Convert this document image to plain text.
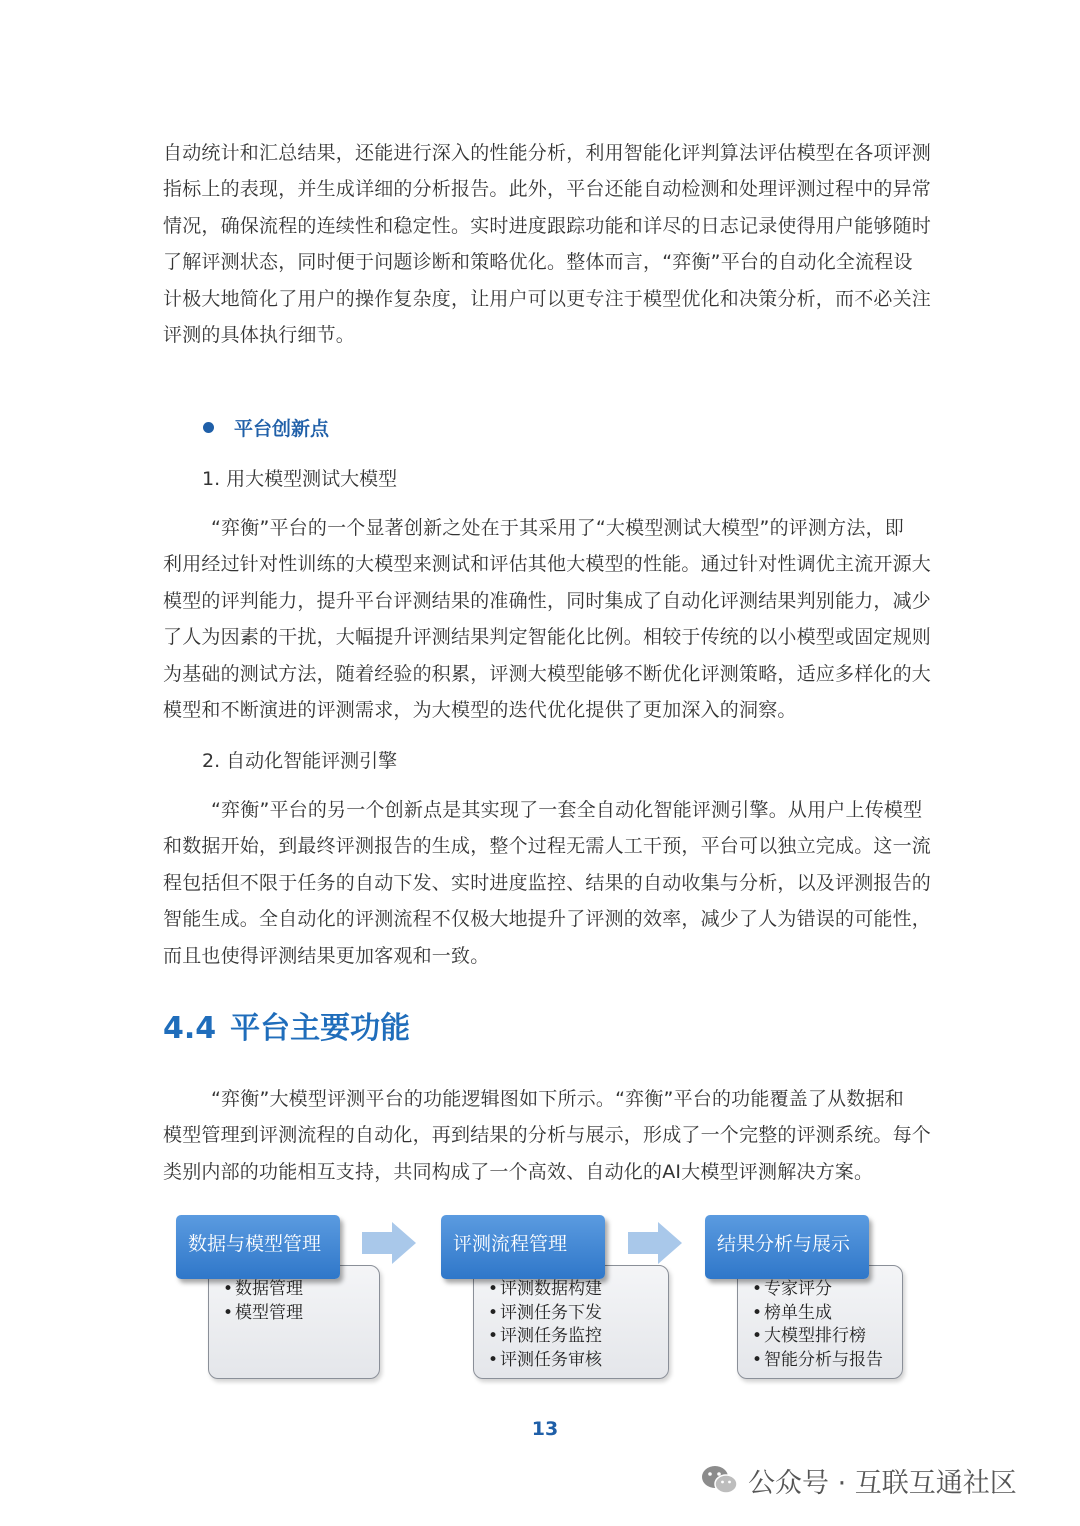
自动统计和汇总结果，还能进行深入的性能分析，利用智能化评判算法评估模型在各项评测
指标上的表现，并生成详细的分析报告。此外，平台还能自动检测和处理评测过程中的异常
情况，确保流程的连续性和稳定性。实时进度跟踪功能和详尽的日志记录使得用户能够随时
了解评测状态，同时便于问题诊断和策略优化。整体而言，“弈衡”平台的自动化全流程设
计极大地简化了用户的操作复杂度，让用户可以更专注于模型优化和决策分析，而不必关注
评测的具体执行细节。

平台创新点
1. 用大模型测试大模型

“弈衡”平台的一个显著创新之处在于其采用了“大模型测试大模型”的评测方法，即
利用经过针对性训练的大模型来测试和评估其他大模型的性能。通过针对性调优主流开源大
模型的评判能力，提升平台评测结果的准确性，同时集成了自动化评测结果判别能力，减少
了人为因素的干扰，大幅提升评测结果判定智能化比例。相较于传统的以小模型或固定规则
为基础的测试方法，随着经验的积累，评测大模型能够不断优化评测策略，适应多样化的大
模型和不断演进的评测需求，为大模型的迭代优化提供了更加深入的洞察。

2. 自动化智能评测引擎

“弈衡”平台的另一个创新点是其实现了一套全自动化智能评测引擎。从用户上传模型
和数据开始，到最终评测报告的生成，整个过程无需人工干预，平台可以独立完成。这一流
程包括但不限于任务的自动下发、实时进度监控、结果的自动收集与分析，以及评测报告的
智能生成。全自动化的评测流程不仅极大地提升了评测的效率，减少了人为错误的可能性，
而且也使得评测结果更加客观和一致。

4.4 平台主要功能

“弈衡”大模型评测平台的功能逻辑图如下所示。“弈衡”平台的功能覆盖了从数据和
模型管理到评测流程的自动化，再到结果的分析与展示，形成了一个完整的评测系统。每个
类别内部的功能相互支持，共同构成了一个高效、自动化的AI大模型评测解决方案。

数据与模型管理
• 数据管理
• 模型管理
评测流程管理
• 评测数据构建
• 评测任务下发
• 评测任务监控
• 评测任务审核
结果分析与展示
• 专家评分
• 榜单生成
• 大模型排行榜
• 智能分析与报告
13
公众号 · 互联互通社区
